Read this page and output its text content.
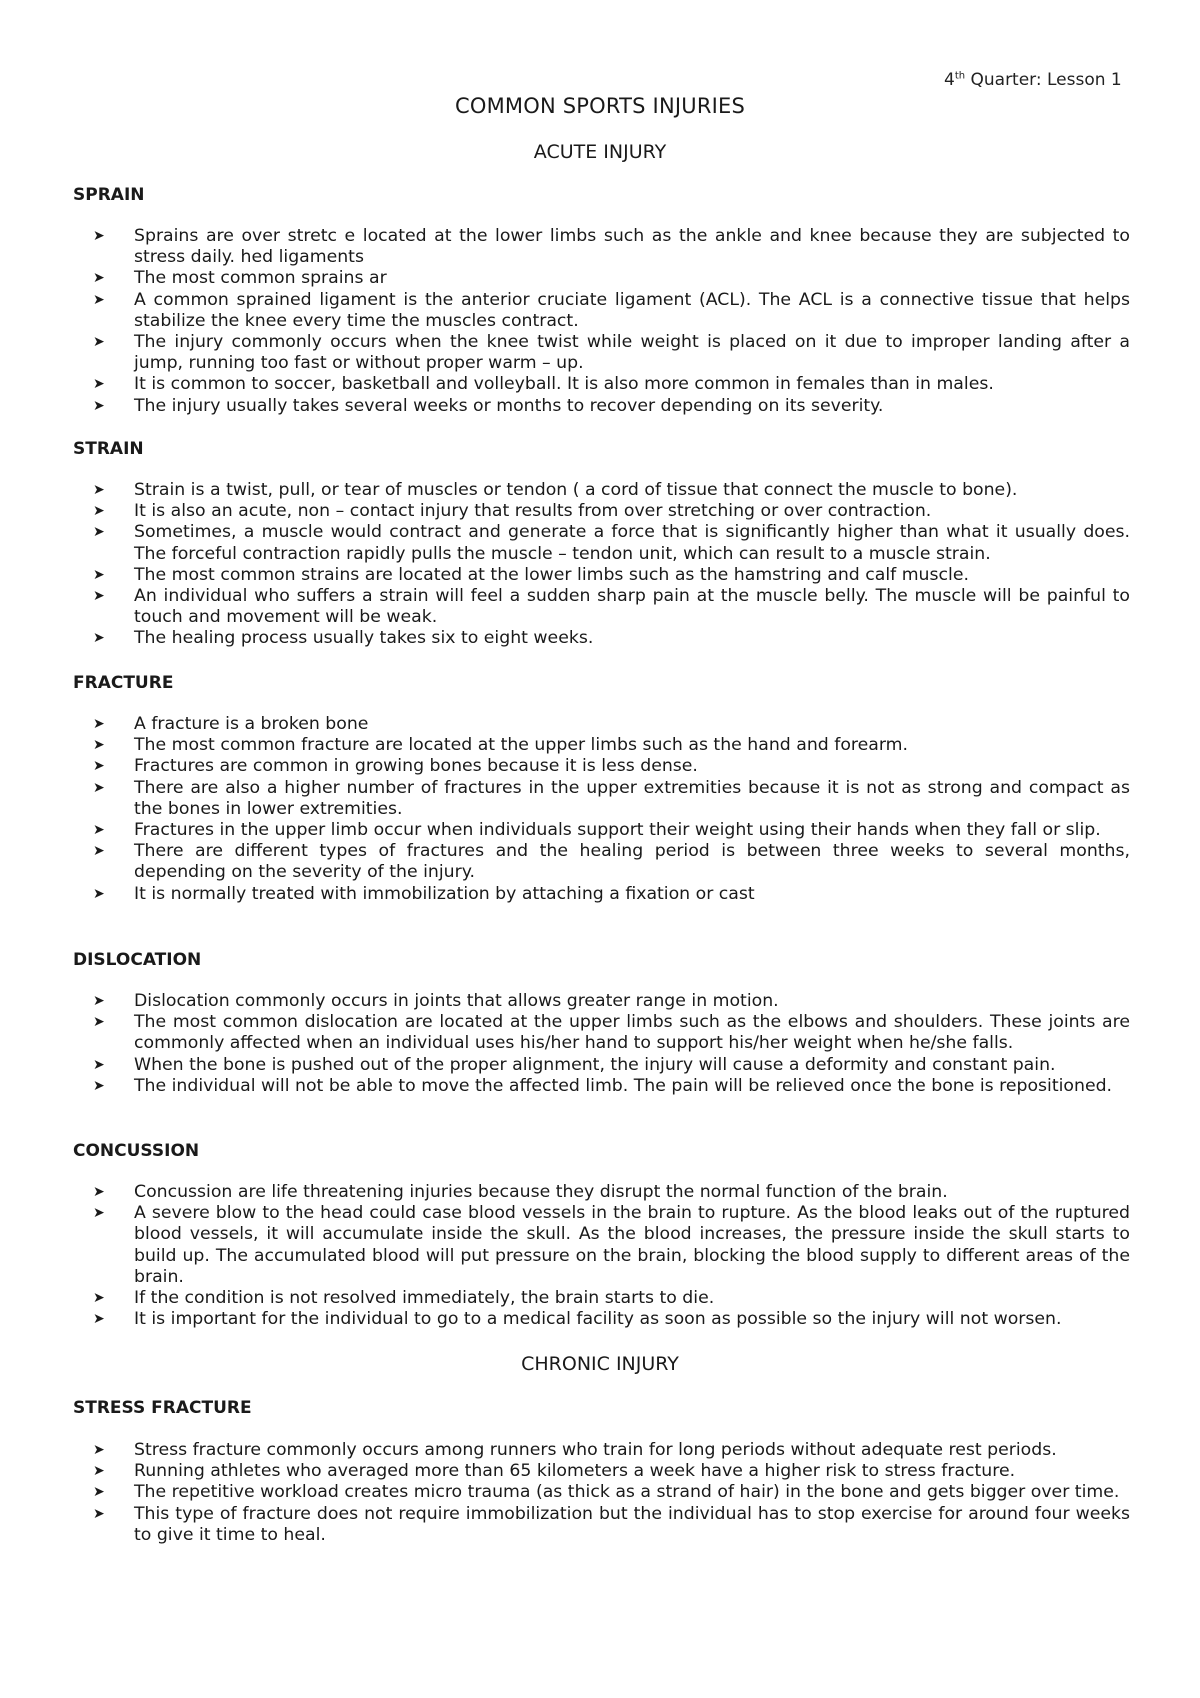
4th Quarter: Lesson 1
COMMON SPORTS INJURIES
ACUTE INJURY
SPRAIN
➤ Sprains are over stretc e located at the lower limbs such as the ankle and knee because they are subjected to stress daily. hed ligaments
➤ The most common sprains ar
➤ A common sprained ligament is the anterior cruciate ligament (ACL). The ACL is a connective tissue that helps stabilize the knee every time the muscles contract.
➤ The injury commonly occurs when the knee twist while weight is placed on it due to improper landing after a jump, running too fast or without proper warm – up.
➤ It is common to soccer, basketball and volleyball. It is also more common in females than in males.
➤ The injury usually takes several weeks or months to recover depending on its severity.
STRAIN
➤ Strain is a twist, pull, or tear of muscles or tendon ( a cord of tissue that connect the muscle to bone).
➤ It is also an acute, non – contact injury that results from over stretching or over contraction.
➤ Sometimes, a muscle would contract and generate a force that is significantly higher than what it usually does. The forceful contraction rapidly pulls the muscle – tendon unit, which can result to a muscle strain.
➤ The most common strains are located at the lower limbs such as the hamstring and calf muscle.
➤ An individual who suffers a strain will feel a sudden sharp pain at the muscle belly. The muscle will be painful to touch and movement will be weak.
➤ The healing process usually takes six to eight weeks.
FRACTURE
➤ A fracture is a broken bone
➤ The most common fracture are located at the upper limbs such as the hand and forearm.
➤ Fractures are common in growing bones because it is less dense.
➤ There are also a higher number of fractures in the upper extremities because it is not as strong and compact as the bones in lower extremities.
➤ Fractures in the upper limb occur when individuals support their weight using their hands when they fall or slip.
➤ There are different types of fractures and the healing period is between three weeks to several months, depending on the severity of the injury.
➤ It is normally treated with immobilization by attaching a fixation or cast
DISLOCATION
➤ Dislocation commonly occurs in joints that allows greater range in motion.
➤ The most common dislocation are located at the upper limbs such as the elbows and shoulders. These joints are commonly affected when an individual uses his/her hand to support his/her weight when he/she falls.
➤ When the bone is pushed out of the proper alignment, the injury will cause a deformity and constant pain.
➤ The individual will not be able to move the affected limb. The pain will be relieved once the bone is repositioned.
CONCUSSION
➤ Concussion are life threatening injuries because they disrupt the normal function of the brain.
➤ A severe blow to the head could case blood vessels in the brain to rupture. As the blood leaks out of the ruptured blood vessels, it will accumulate inside the skull. As the blood increases, the pressure inside the skull starts to build up. The accumulated blood will put pressure on the brain, blocking the blood supply to different areas of the brain.
➤ If the condition is not resolved immediately, the brain starts to die.
➤ It is important for the individual to go to a medical facility as soon as possible so the injury will not worsen.
CHRONIC INJURY
STRESS FRACTURE
➤ Stress fracture commonly occurs among runners who train for long periods without adequate rest periods.
➤ Running athletes who averaged more than 65 kilometers a week have a higher risk to stress fracture.
➤ The repetitive workload creates micro trauma (as thick as a strand of hair) in the bone and gets bigger over time.
➤ This type of fracture does not require immobilization but the individual has to stop exercise for around four weeks to give it time to heal.
